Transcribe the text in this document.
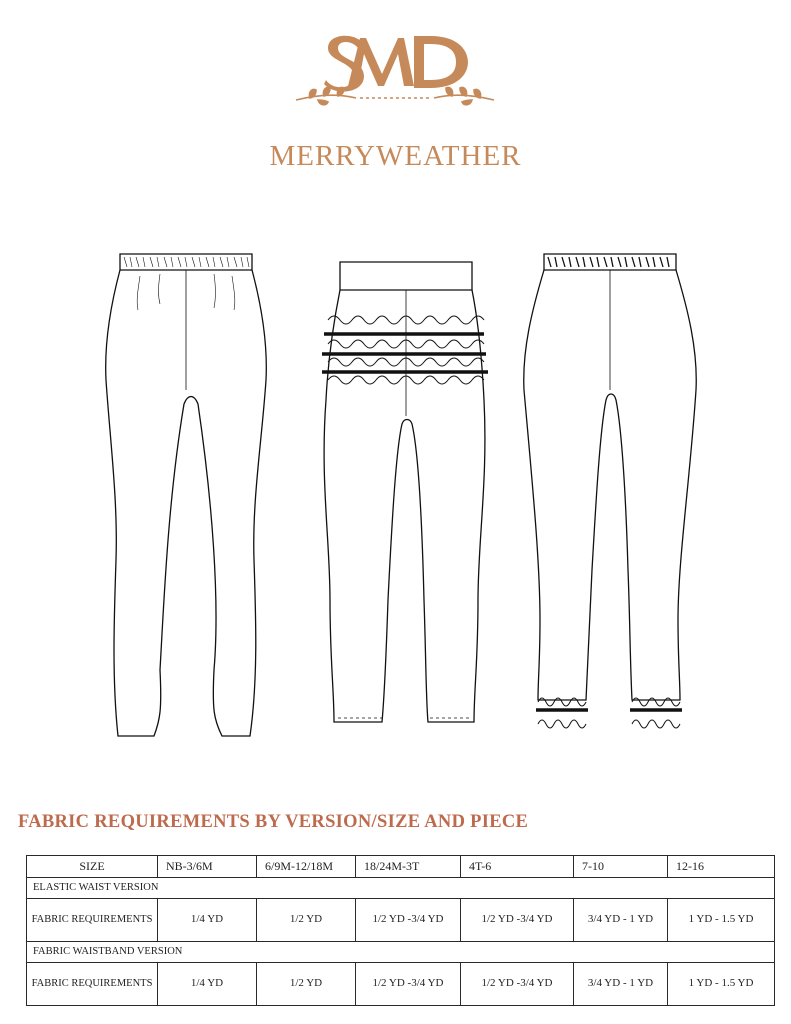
MERRYWEATHER
FABRIC REQUIREMENTS BY VERSION/SIZE AND PIECE
SIZE	NB-3/6M	6/9M-12/18M	18/24M-3T	4T-6	7-10	12-16
ELASTIC WAIST VERSION						
FABRIC REQUIREMENTS	1/4 YD	1/2 YD	1/2 YD -3/4 YD	1/2 YD -3/4 YD	3/4 YD - 1 YD	1 YD - 1.5 YD
FABRIC WAISTBAND VERSION						
FABRIC REQUIREMENTS	1/4 YD	1/2 YD	1/2 YD -3/4 YD	1/2 YD -3/4 YD	3/4 YD - 1 YD	1 YD - 1.5 YD
